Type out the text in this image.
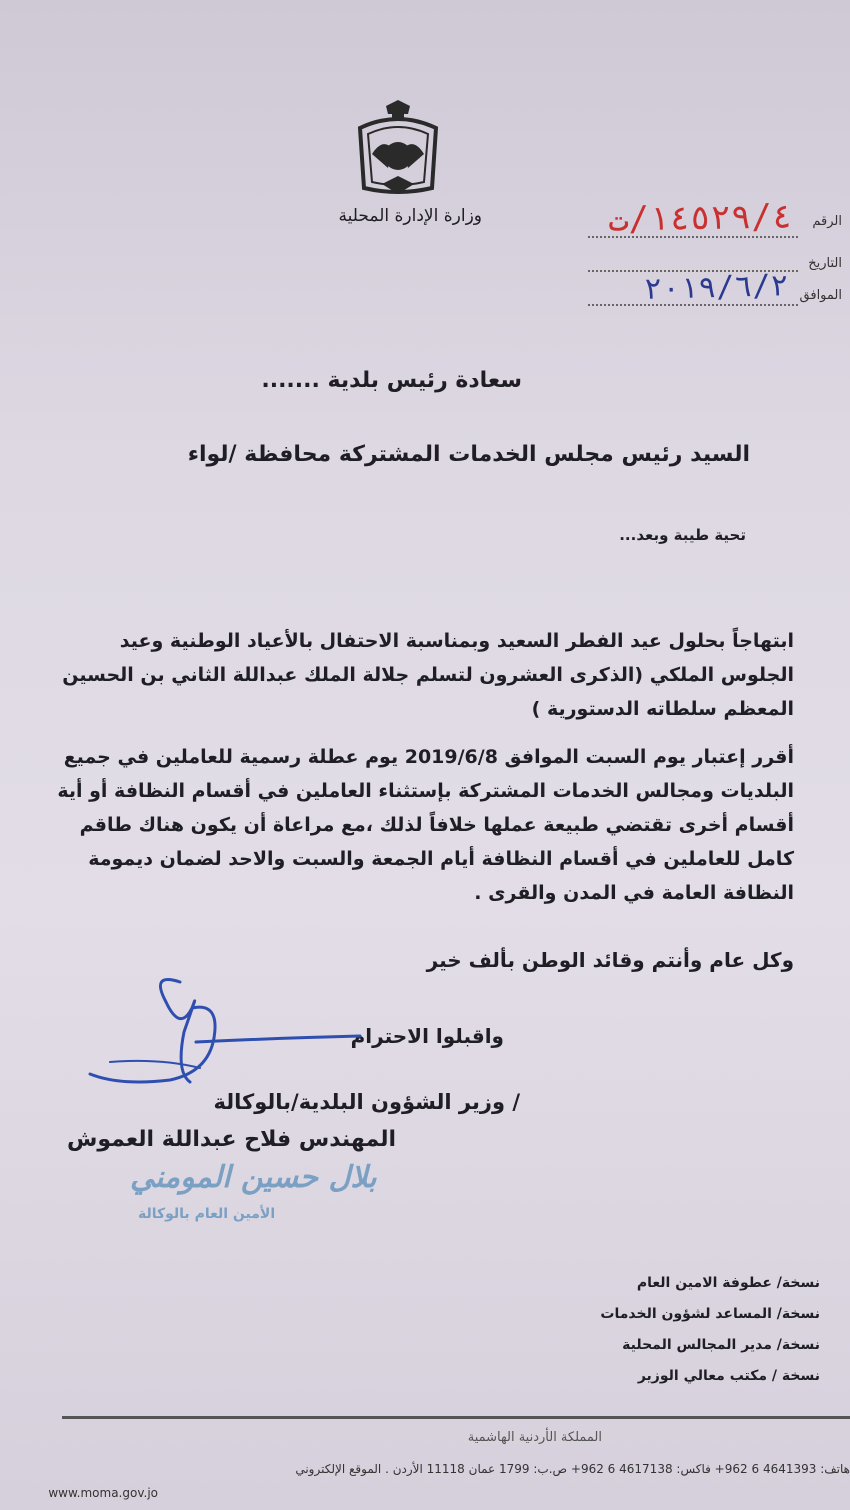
وزارة الإدارة المحلية	الرقم
١٤٥٢٩/٤/ت
التاريخ
الموافق
٢٠١٩/٦/٢
سعادة رئيس بلدية .......
السيد رئيس مجلس الخدمات المشتركة محافظة /لواء
تحية طيبة وبعد...
ابتهاجاً بحلول عيد الفطر السعيد وبمناسبة الاحتفال بالأعياد الوطنية وعيد الجلوس الملكي (الذكرى العشرون لتسلم جلالة الملك عبداللة الثاني بن الحسين المعظم سلطاته الدستورية )
أقرر إعتبار يوم السبت الموافق 2019/6/8 يوم عطلة رسمية للعاملين في جميع البلديات ومجالس الخدمات المشتركة بإستثناء العاملين في أقسام النظافة أو أية أقسام أخرى تقتضي طبيعة عملها خلافاً لذلك ،مع مراعاة أن يكون هناك طاقم كامل للعاملين في أقسام النظافة أيام الجمعة والسبت والاحد لضمان ديمومة النظافة العامة في المدن والقرى .
وكل عام وأنتم وقائد الوطن بألف خير
واقبلوا الاحترام
/ وزير الشؤون البلدية/بالوكالة
المهندس فلاح عبداللة العموش
بلال حسين المومني
الأمين العام بالوكالة
نسخة/ عطوفة الامين العام
نسخة/ المساعد لشؤون الخدمات
نسخة/ مدير المجالس المحلية
نسخة / مكتب معالي الوزير
المملكة الأردنية الهاشمية
هاتف: 4641393 6 962+ فاكس: 4617138 6 962+ ص.ب: 1799 عمان 11118 الأردن . الموقع الإلكتروني
www.moma.gov.jo
